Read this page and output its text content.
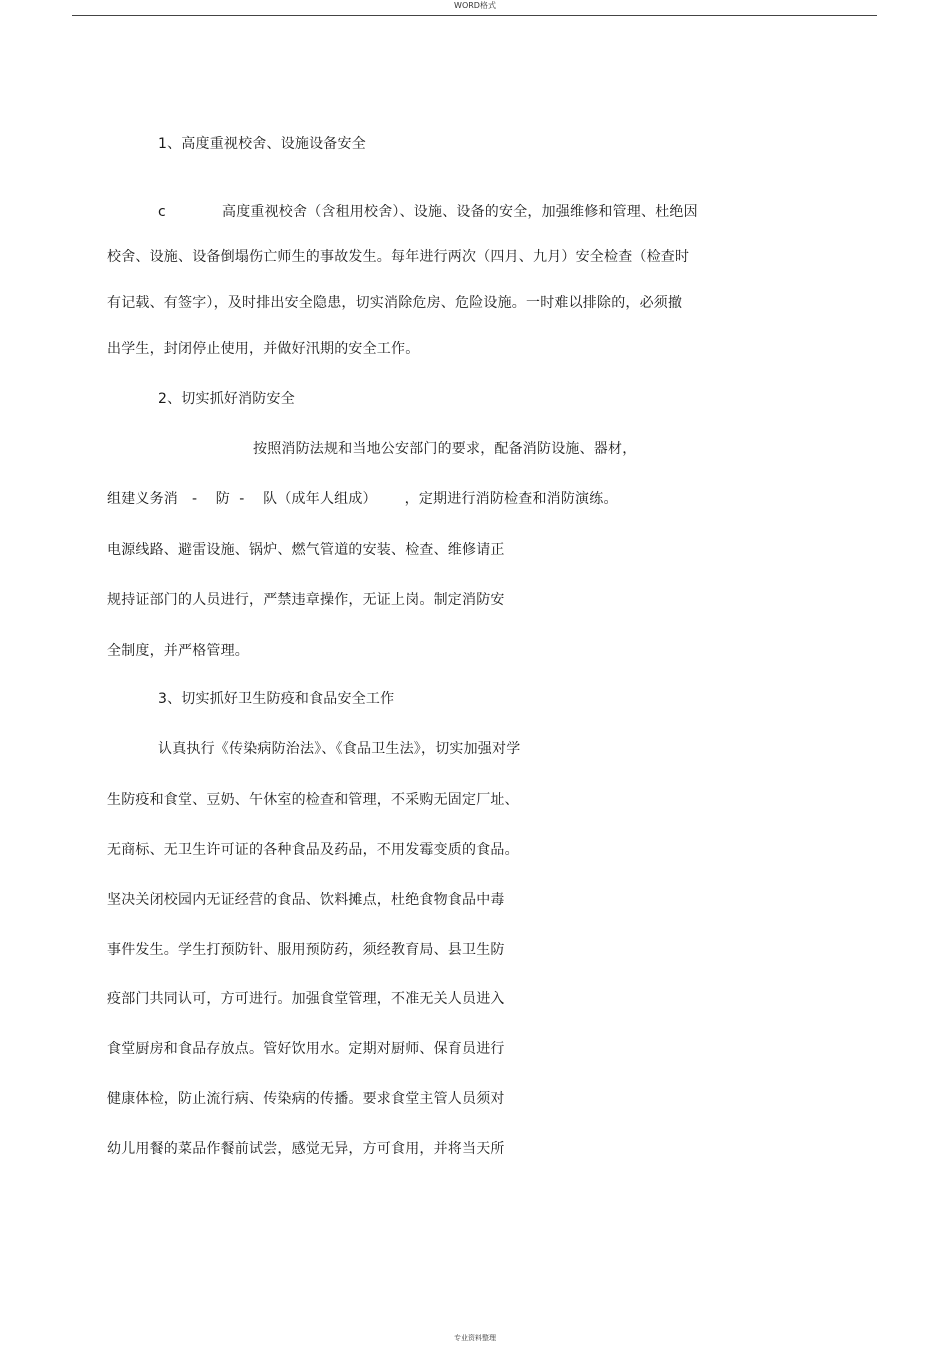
WORD格式
1、高度重视校舍、设施设备安全
c	高度重视校舍（含租用校舍）、设施、设备的安全，加强维修和管理、杜绝因
校舍、设施、设备倒塌伤亡师生的事故发生。每年进行两次（四月、九月）安全检查（检查时
有记载、有签字），及时排出安全隐患，切实消除危房、危险设施。一时难以排除的，必须撤
出学生，封闭停止使用，并做好汛期的安全工作。
2、切实抓好消防安全
按照消防法规和当地公安部门的要求，配备消防设施、器材，
组建义务消   -    防  -    队（成年人组成）      ，定期进行消防检查和消防演练。
电源线路、避雷设施、锅炉、燃气管道的安装、检查、维修请正
规持证部门的人员进行，严禁违章操作，无证上岗。制定消防安
全制度，并严格管理。
3、切实抓好卫生防疫和食品安全工作
认真执行《传染病防治法》、《食品卫生法》，切实加强对学
生防疫和食堂、豆奶、午休室的检查和管理，不采购无固定厂址、
无商标、无卫生许可证的各种食品及药品，不用发霉变质的食品。
坚决关闭校园内无证经营的食品、饮料摊点，杜绝食物食品中毒
事件发生。学生打预防针、服用预防药，须经教育局、县卫生防
疫部门共同认可，方可进行。加强食堂管理，不准无关人员进入
食堂厨房和食品存放点。管好饮用水。定期对厨师、保育员进行
健康体检，防止流行病、传染病的传播。要求食堂主管人员须对
幼儿用餐的菜品作餐前试尝，感觉无异，方可食用，并将当天所
专业资料整理
